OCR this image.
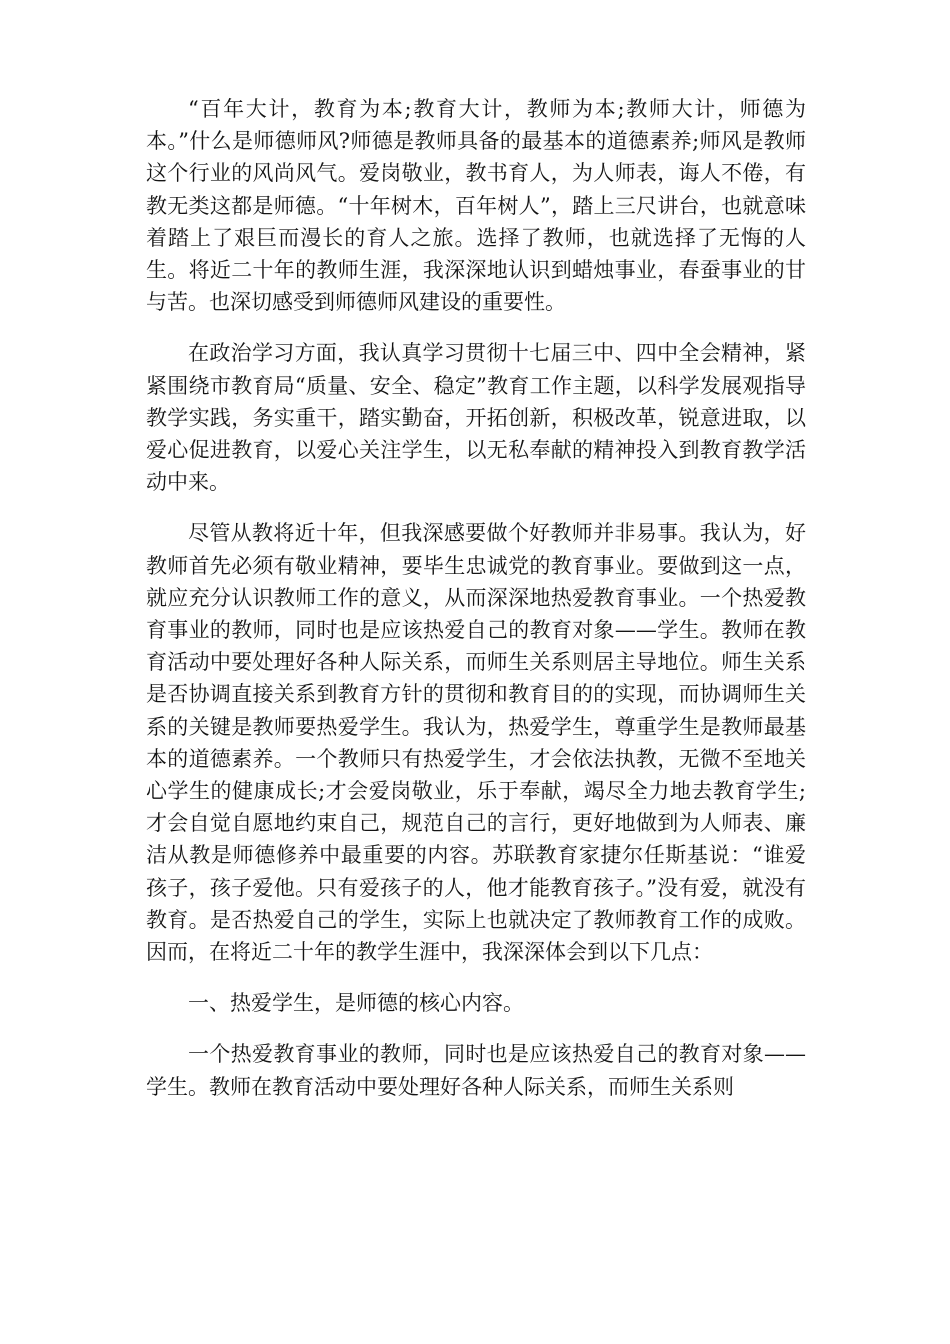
“百年大计，教育为本;教育大计，教师为本;教师大计，师德为本。”什么是师德师风?师德是教师具备的最基本的道德素养;师风是教师这个行业的风尚风气。爱岗敬业，教书育人，为人师表，诲人不倦，有教无类这都是师德。“十年树木，百年树人”，踏上三尺讲台，也就意味着踏上了艰巨而漫长的育人之旅。选择了教师，也就选择了无悔的人生。将近二十年的教师生涯，我深深地认识到蜡烛事业，春蚕事业的甘与苦。也深切感受到师德师风建设的重要性。

在政治学习方面，我认真学习贯彻十七届三中、四中全会精神，紧紧围绕市教育局“质量、安全、稳定”教育工作主题，以科学发展观指导教学实践，务实重干，踏实勤奋，开拓创新，积极改革，锐意进取，以爱心促进教育，以爱心关注学生，以无私奉献的精神投入到教育教学活动中来。

尽管从教将近十年，但我深感要做个好教师并非易事。我认为，好教师首先必须有敬业精神，要毕生忠诚党的教育事业。要做到这一点，就应充分认识教师工作的意义，从而深深地热爱教育事业。一个热爱教育事业的教师，同时也是应该热爱自己的教育对象——学生。教师在教育活动中要处理好各种人际关系，而师生关系则居主导地位。师生关系是否协调直接关系到教育方针的贯彻和教育目的的实现，而协调师生关系的关键是教师要热爱学生。我认为，热爱学生，尊重学生是教师最基本的道德素养。一个教师只有热爱学生，才会依法执教，无微不至地关心学生的健康成长;才会爱岗敬业，乐于奉献，竭尽全力地去教育学生;才会自觉自愿地约束自己，规范自己的言行，更好地做到为人师表、廉洁从教是师德修养中最重要的内容。苏联教育家捷尔任斯基说：“谁爱孩子，孩子爱他。只有爱孩子的人，他才能教育孩子。”没有爱，就没有教育。是否热爱自己的学生，实际上也就决定了教师教育工作的成败。因而，在将近二十年的教学生涯中，我深深体会到以下几点：

一、热爱学生，是师德的核心内容。

一个热爱教育事业的教师，同时也是应该热爱自己的教育对象——学生。教师在教育活动中要处理好各种人际关系，而师生关系则
